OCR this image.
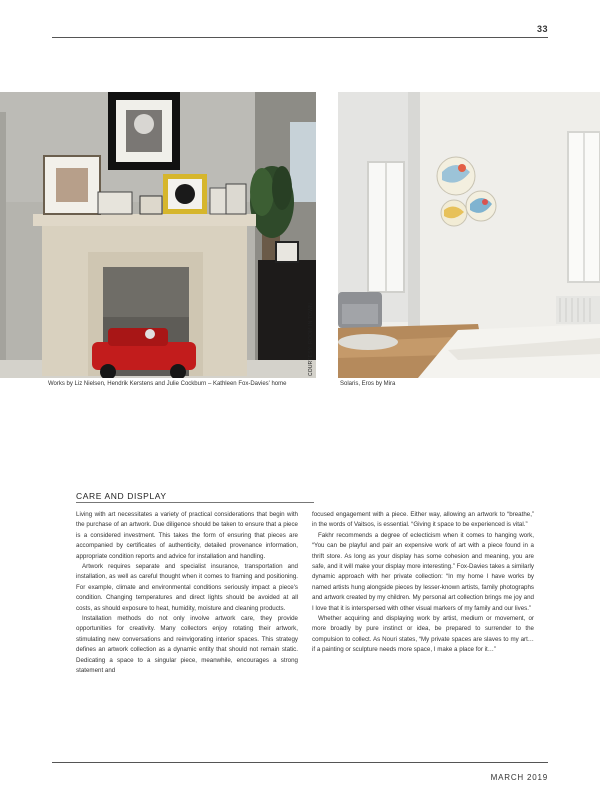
33
COURTESY: ROOM IN TOWN
Works by Liz Nielsen, Hendrik Kerstens and Julie Cockburn – Kathleen Fox-Davies' home	Solaris, Eros by Mira
CARE AND DISPLAY

Living with art necessitates a variety of practical considerations that begin with the purchase of an artwork. Due diligence should be taken to ensure that a piece is a considered investment. This takes the form of ensuring that pieces are accompanied by certificates of authenticity, detailed provenance information, appropriate condition reports and advice for installation and handling.

Artwork requires separate and specialist insurance, transportation and installation, as well as careful thought when it comes to framing and positioning. For example, climate and environmental conditions seriously impact a piece's condition. Changing temperatures and direct lights should be avoided at all costs, as should exposure to heat, humidity, moisture and cleaning products.

Installation methods do not only involve artwork care, they provide opportunities for creativity. Many collectors enjoy rotating their artwork, stimulating new conversations and reinvigorating interior spaces. This strategy defines an artwork collection as a dynamic entity that should not remain static. Dedicating a space to a singular piece, meanwhile, encourages a strong statement and

focused engagement with a piece. Either way, allowing an artwork to “breathe,” in the words of Vaitsos, is essential. “Giving it space to be experienced is vital.”

Fakhr recommends a degree of eclecticism when it comes to hanging work, “You can be playful and pair an expensive work of art with a piece found in a thrift store. As long as your display has some cohesion and meaning, you are safe, and it will make your display more interesting.” Fox-Davies takes a similarly dynamic approach with her private collection: “In my home I have works by named artists hung alongside pieces by lesser-known artists, family photographs and artwork created by my children. My personal art collection brings me joy and I love that it is interspersed with other visual markers of my family and our lives.”

Whether acquiring and displaying work by artist, medium or movement, or more broadly by pure instinct or idea, be prepared to surrender to the compulsion to collect. As Nouri states, “My private spaces are slaves to my art… if a painting or sculpture needs more space, I make a place for it…”

MARCH 2019
